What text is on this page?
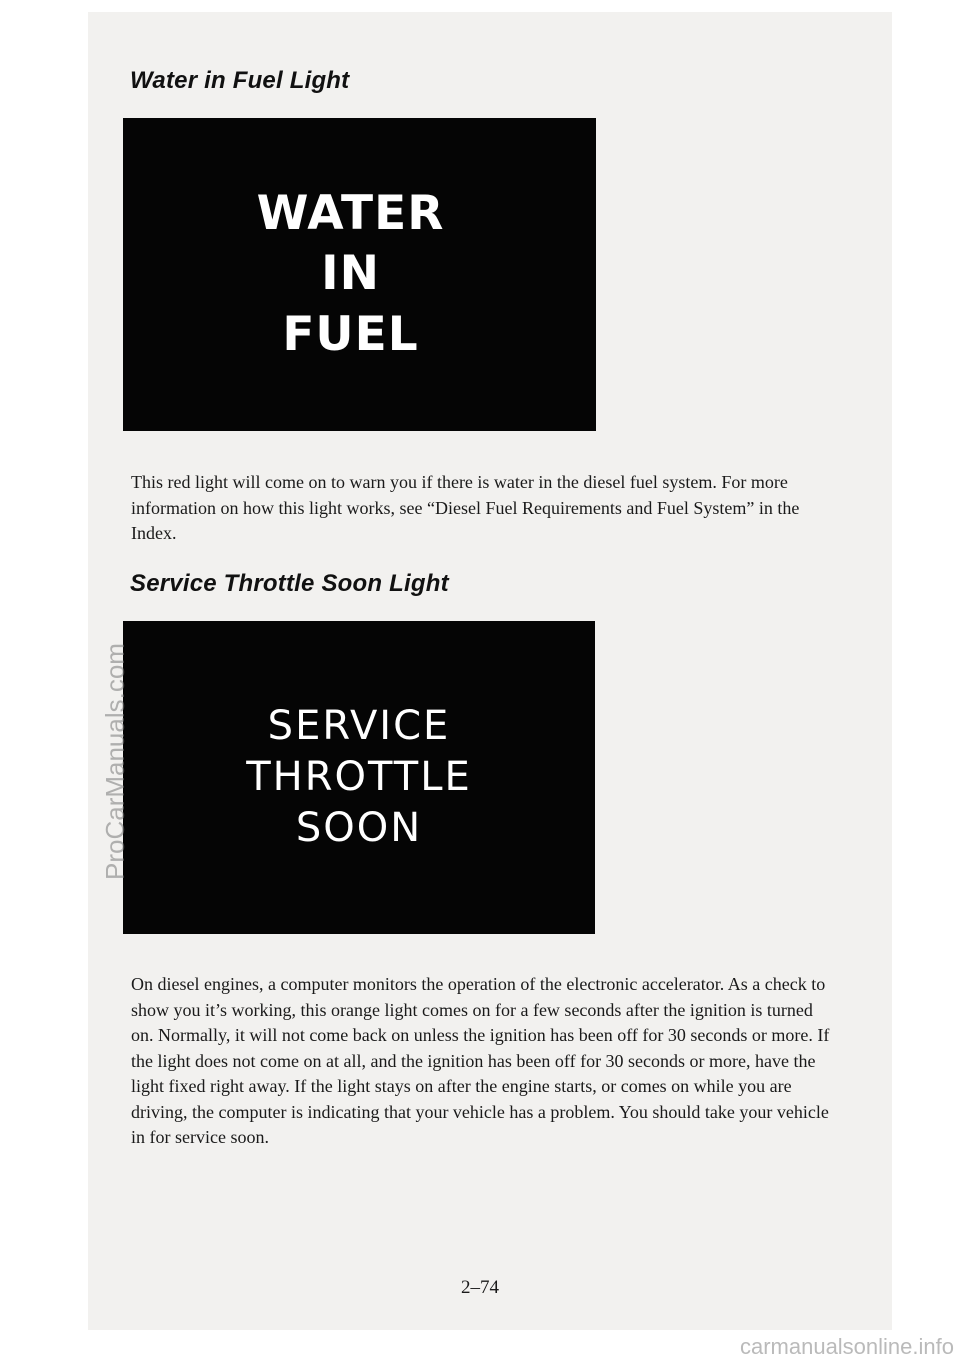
Water in Fuel Light
WATER
IN
FUEL

This red light will come on to warn you if there is water in the diesel fuel system. For more information on how this light works, see “Diesel Fuel Requirements and Fuel System” in the Index.

Service Throttle Soon Light
SERVICE
THROTTLE
SOON

On diesel engines, a computer monitors the operation of the electronic accelerator. As a check to show you it’s working, this orange light comes on for a few seconds after the ignition is turned on. Normally, it will not come back on unless the ignition has been off for 30 seconds or more. If the light does not come on at all, and the ignition has been off for 30 seconds or more, have the light fixed right away. If the light stays on after the engine starts, or comes on while you are driving, the computer is indicating that your vehicle has a problem. You should take your vehicle in for service soon.

2–74
ProCarManuals.com
carmanualsonline.info
